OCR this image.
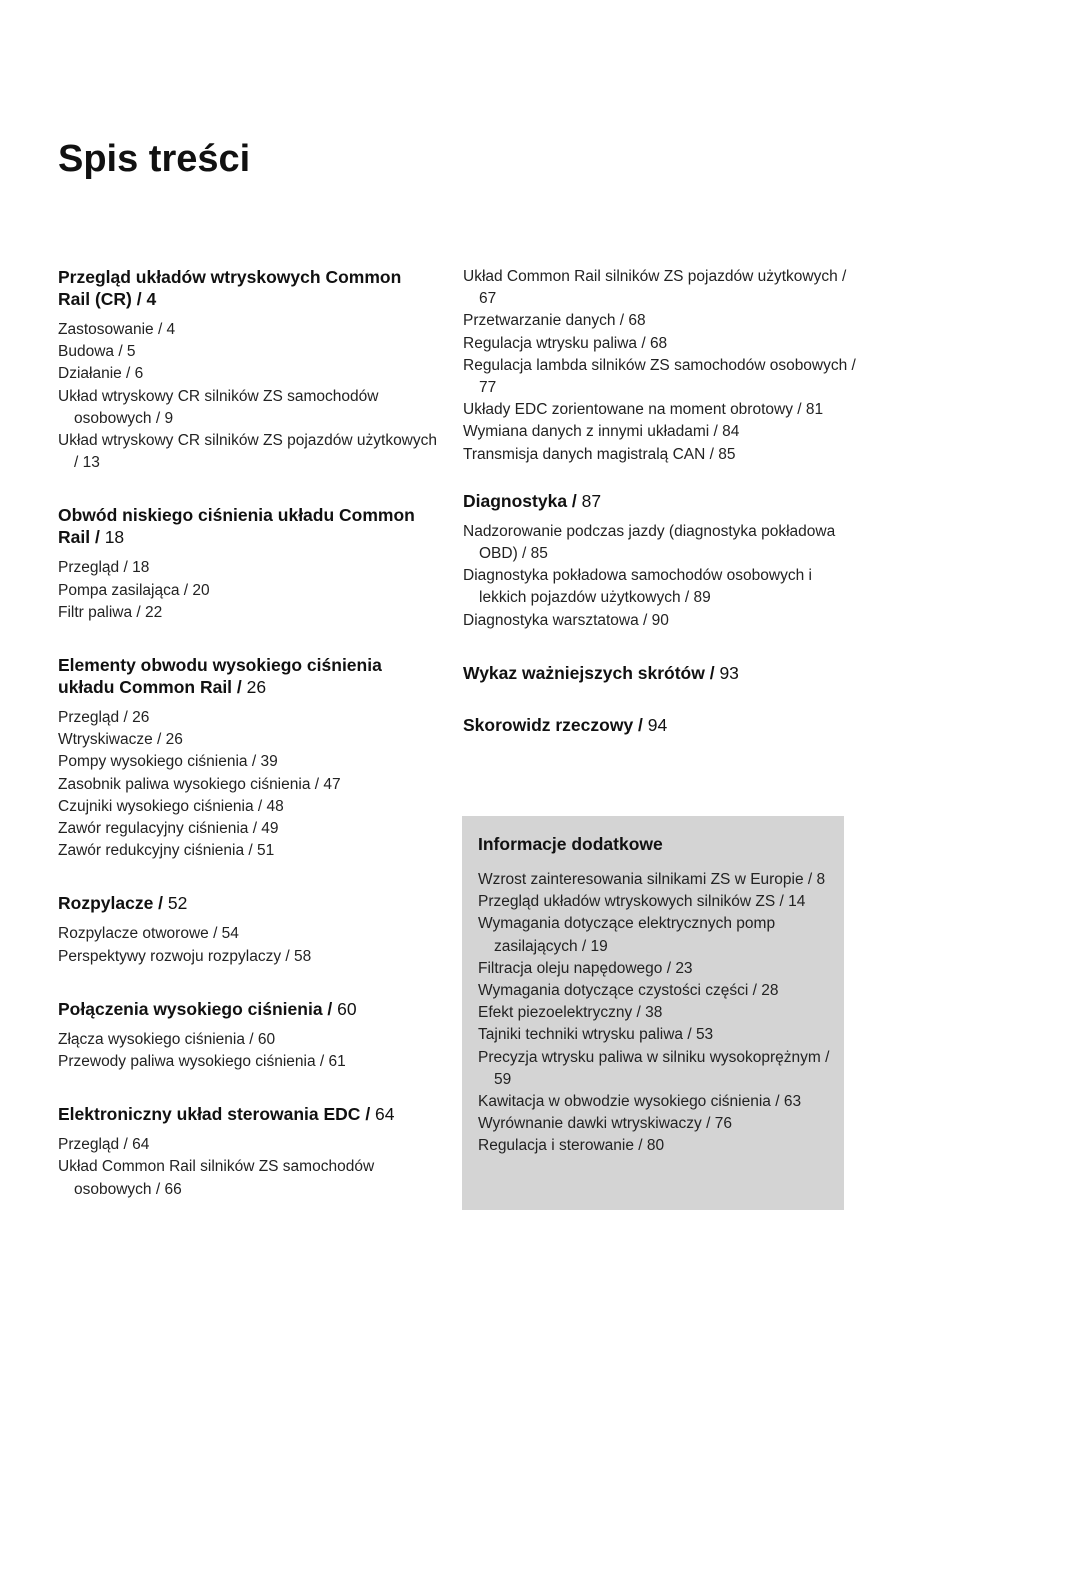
Spis treści
Przegląd układów wtryskowych Common Rail (CR) / 4
Zastosowanie / 4
Budowa / 5
Działanie / 6
Układ wtryskowy CR silników ZS samochodów osobowych / 9
Układ wtryskowy CR silników ZS pojazdów użytkowych / 13
Obwód niskiego ciśnienia układu Common Rail / 18
Przegląd / 18
Pompa zasilająca / 20
Filtr paliwa / 22
Elementy obwodu wysokiego ciśnienia układu Common Rail / 26
Przegląd / 26
Wtryskiwacze / 26
Pompy wysokiego ciśnienia / 39
Zasobnik paliwa wysokiego ciśnienia / 47
Czujniki wysokiego ciśnienia / 48
Zawór regulacyjny ciśnienia / 49
Zawór redukcyjny ciśnienia / 51
Rozpylacze / 52
Rozpylacze otworowe / 54
Perspektywy rozwoju rozpylaczy / 58
Połączenia wysokiego ciśnienia / 60
Złącza wysokiego ciśnienia / 60
Przewody paliwa wysokiego ciśnienia / 61
Elektroniczny układ sterowania EDC / 64
Przegląd / 64
Układ Common Rail silników ZS samochodów osobowych / 66
Układ Common Rail silników ZS pojazdów użytkowych / 67
Przetwarzanie danych / 68
Regulacja wtrysku paliwa / 68
Regulacja lambda silników ZS samochodów osobowych / 77
Układy EDC zorientowane na moment obrotowy / 81
Wymiana danych z innymi układami / 84
Transmisja danych magistralą CAN / 85
Diagnostyka / 87
Nadzorowanie podczas jazdy (diagnostyka pokładowa OBD) / 85
Diagnostyka pokładowa samochodów osobowych i lekkich pojazdów użytkowych / 89
Diagnostyka warsztatowa / 90
Wykaz ważniejszych skrótów / 93
Skorowidz rzeczowy / 94
Informacje dodatkowe
Wzrost zainteresowania silnikami ZS w Europie / 8
Przegląd układów wtryskowych silników ZS / 14
Wymagania dotyczące elektrycznych pomp zasilających / 19
Filtracja oleju napędowego / 23
Wymagania dotyczące czystości części / 28
Efekt piezoelektryczny / 38
Tajniki techniki wtrysku paliwa / 53
Precyzja wtrysku paliwa w silniku wysokoprężnym / 59
Kawitacja w obwodzie wysokiego ciśnienia / 63
Wyrównanie dawki wtryskiwaczy / 76
Regulacja i sterowanie / 80
